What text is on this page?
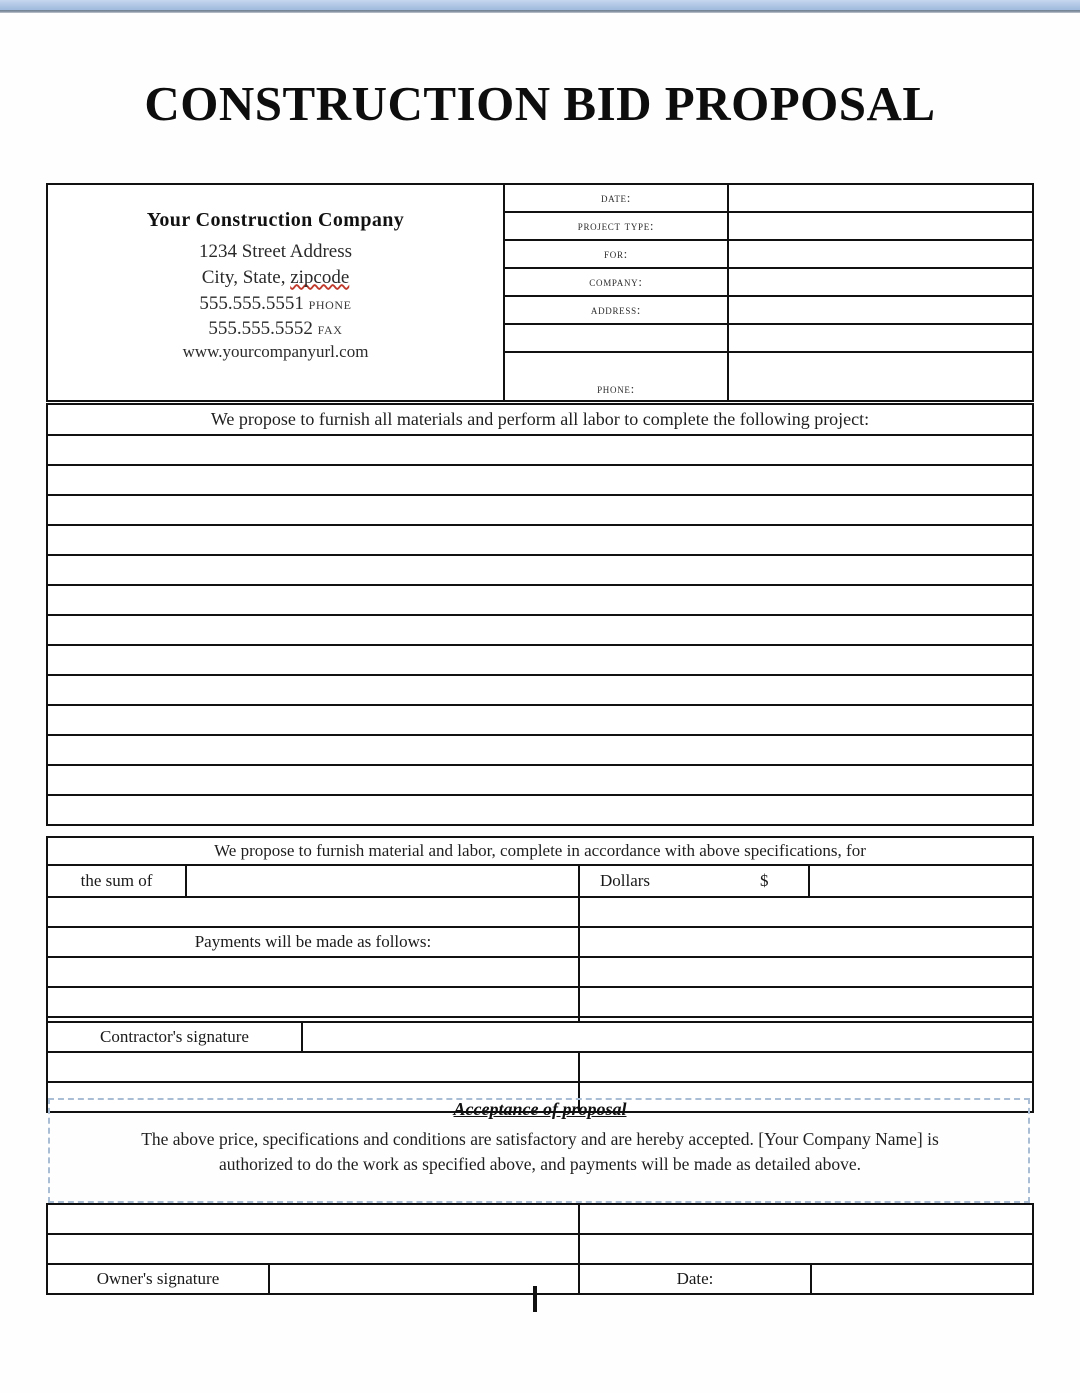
CONSTRUCTION BID PROPOSAL
Your Construction Company
1234 Street Address
City, State, zipcode
555.555.5551 PHONE
555.555.5552 FAX
www.yourcompanyurl.com
	date:	
	project type:	
	for:	
	company:	
	address:	

	phone:	
We propose to furnish all materials and perform all labor to complete the following project:

We propose to furnish material and labor, complete in accordance with above specifications, for			
the sum of		Dollars $	

Payments will be made as follows:			

Contractor's signature		

Acceptance of proposal
The above price, specifications and conditions are satisfactory and are hereby accepted. [Your Company Name] is
authorized to do the work as specified above, and payments will be made as detailed above.

Owner's signature		Date:	
